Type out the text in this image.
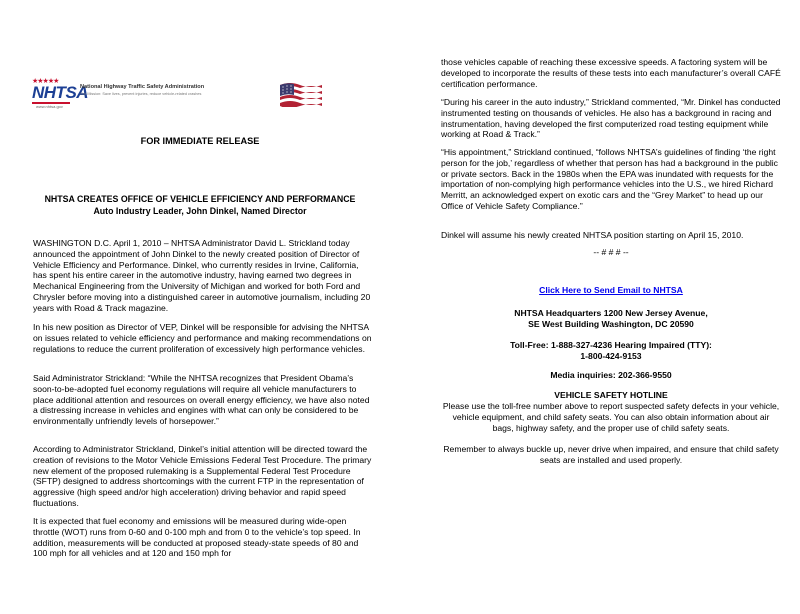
★★★★★
NHTSA
www.nhtsa.gov
National Highway Traffic Safety Administration
Our Mission: Save lives, prevent injuries, reduce vehicle-related crashes
FOR IMMEDIATE RELEASE
NHTSA CREATES OFFICE OF VEHICLE EFFICIENCY AND PERFORMANCE
Auto Industry Leader, John Dinkel, Named Director

WASHINGTON D.C. April 1, 2010 – NHTSA Administrator David L. Strickland today announced the appointment of John Dinkel to the newly created position of Director of Vehicle Efficiency and Performance. Dinkel, who currently resides in Irvine, California, has spent his entire career in the automotive industry, having earned two degrees in Mechanical Engineering from the University of Michigan and worked for both Ford and Chrysler before moving into a distinguished career in automotive journalism, including 20 years with Road & Track magazine.

In his new position as Director of VEP, Dinkel will be responsible for advising the NHTSA on issues related to vehicle efficiency and performance and making recommendations on regulations to reduce the current proliferation of excessively high performance vehicles.

Said Administrator Strickland: “While the NHTSA recognizes that President Obama’s soon-to-be-adopted fuel economy regulations will require all vehicle manufacturers to place additional attention and resources on overall energy efficiency, we have also noted a distressing increase in vehicles and engines with what can only be considered to be environmentally unfriendly levels of horsepower.”

According to Administrator Strickland, Dinkel’s initial attention will be directed toward the creation of revisions to the Motor Vehicle Emissions Federal Test Procedure. The primary new element of the proposed rulemaking is a Supplemental Federal Test Procedure (SFTP) designed to address shortcomings with the current FTP in the representation of aggressive (high speed and/or high acceleration) driving behavior and rapid speed fluctuations.

It is expected that fuel economy and emissions will be measured during wide-open throttle (WOT) runs from 0-60 and 0-100 mph and from 0 to the vehicle’s top speed. In addition, measurements will be conducted at proposed steady-state speeds of 80 and 100 mph for all vehicles and at 120 and 150 mph for

those vehicles capable of reaching these excessive speeds. A factoring system will be developed to incorporate the results of these tests into each manufacturer’s overall CAFÉ certification performance.

“During his career in the auto industry,” Strickland commented, “Mr. Dinkel has conducted instrumented testing on thousands of vehicles. He also has a background in racing and instrumentation, having developed the first computerized road testing equipment while working at Road & Track.”

“His appointment,” Strickland continued, “follows NHTSA’s guidelines of finding ‘the right person for the job,’ regardless of whether that person has had a background in the public or private sectors. Back in the 1980s when the EPA was inundated with requests for the importation of non-complying high performance vehicles into the U.S., we hired Richard Merritt, an acknowledged expert on exotic cars and the “Grey Market” to head up our Office of Vehicle Safety Compliance.”

Dinkel will assume his newly created NHTSA position starting on April 15, 2010.

-- # # # --

Click Here to Send Email to NHTSA

NHTSA Headquarters 1200 New Jersey Avenue,

SE West Building Washington, DC 20590

Toll-Free: 1-888-327-4236 Hearing Impaired (TTY):

1-800-424-9153

Media inquiries: 202-366-9550

VEHICLE SAFETY HOTLINE

Please use the toll-free number above to report suspected safety defects in your vehicle, vehicle equipment, and child safety seats. You can also obtain information about air bags, highway safety, and the proper use of child safety seats.

Remember to always buckle up, never drive when impaired, and ensure that child safety seats are installed and used properly.
